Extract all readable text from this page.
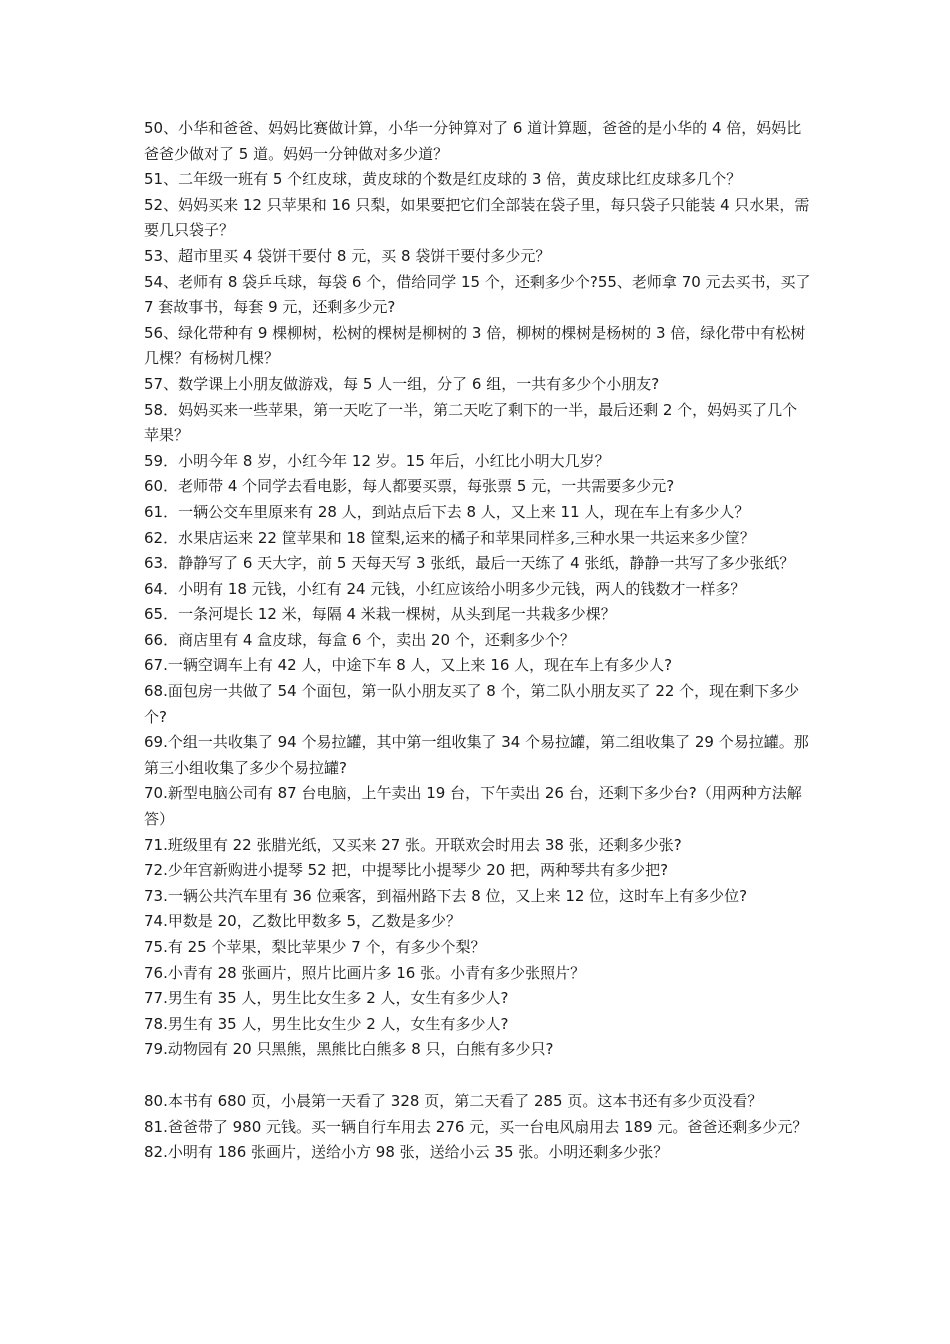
50、小华和爸爸、妈妈比赛做计算，小华一分钟算对了 6 道计算题，爸爸的是小华的 4 倍，妈妈比爸爸少做对了 5 道。妈妈一分钟做对多少道？

51、二年级一班有 5 个红皮球，黄皮球的个数是红皮球的 3 倍，黄皮球比红皮球多几个？

52、妈妈买来 12 只苹果和 16 只梨，如果要把它们全部装在袋子里，每只袋子只能装 4 只水果，需要几只袋子？

53、超市里买 4 袋饼干要付 8 元，买 8 袋饼干要付多少元？

54、老师有 8 袋乒乓球，每袋 6 个，借给同学 15 个，还剩多少个?55、老师拿 70 元去买书，买了 7 套故事书，每套 9 元，还剩多少元?

56、绿化带种有 9 棵柳树，松树的棵树是柳树的 3 倍，柳树的棵树是杨树的 3 倍，绿化带中有松树几棵？有杨树几棵？

57、数学课上小朋友做游戏，每 5 人一组，分了 6 组，一共有多少个小朋友?

58．妈妈买来一些苹果，第一天吃了一半，第二天吃了剩下的一半，最后还剩 2 个，妈妈买了几个苹果？

59．小明今年 8 岁，小红今年 12 岁。15 年后，小红比小明大几岁？

60．老师带 4 个同学去看电影，每人都要买票，每张票 5 元，一共需要多少元?

61．一辆公交车里原来有 28 人，到站点后下去 8 人，又上来 11 人，现在车上有多少人？

62．水果店运来 22 筐苹果和 18 筐梨,运来的橘子和苹果同样多,三种水果一共运来多少筐？

63．静静写了 6 天大字，前 5 天每天写 3 张纸，最后一天练了 4 张纸，静静一共写了多少张纸？

64．小明有 18 元钱，小红有 24 元钱，小红应该给小明多少元钱，两人的钱数才一样多？

65．一条河堤长 12 米，每隔 4 米栽一棵树，从头到尾一共栽多少棵？

66．商店里有 4 盒皮球，每盒 6 个，卖出 20 个，还剩多少个？

67.一辆空调车上有 42 人，中途下车 8 人，又上来 16 人，现在车上有多少人?

68.面包房一共做了 54 个面包，第一队小朋友买了 8 个，第二队小朋友买了 22 个，现在剩下多少个?

69.个组一共收集了 94 个易拉罐，其中第一组收集了 34 个易拉罐，第二组收集了 29 个易拉罐。那第三小组收集了多少个易拉罐?

70.新型电脑公司有 87 台电脑，上午卖出 19 台，下午卖出 26 台，还剩下多少台?（用两种方法解答）

71.班级里有 22 张腊光纸，又买来 27 张。开联欢会时用去 38 张，还剩多少张?

72.少年宫新购进小提琴 52 把，中提琴比小提琴少 20 把，两种琴共有多少把?

73.一辆公共汽车里有 36 位乘客，到福州路下去 8 位，又上来 12 位，这时车上有多少位?

74.甲数是 20，乙数比甲数多 5，乙数是多少？

75.有 25 个苹果，梨比苹果少 7 个，有多少个梨？

76.小青有 28 张画片，照片比画片多 16 张。小青有多少张照片？

77.男生有 35 人，男生比女生多 2 人，女生有多少人?

78.男生有 35 人，男生比女生少 2 人，女生有多少人?

79.动物园有 20 只黑熊，黑熊比白熊多 8 只，白熊有多少只?

80.本书有 680 页，小晨第一天看了 328 页，第二天看了 285 页。这本书还有多少页没看？

81.爸爸带了 980 元钱。买一辆自行车用去 276 元，买一台电风扇用去 189 元。爸爸还剩多少元？

82.小明有 186 张画片，送给小方 98 张，送给小云 35 张。小明还剩多少张？
